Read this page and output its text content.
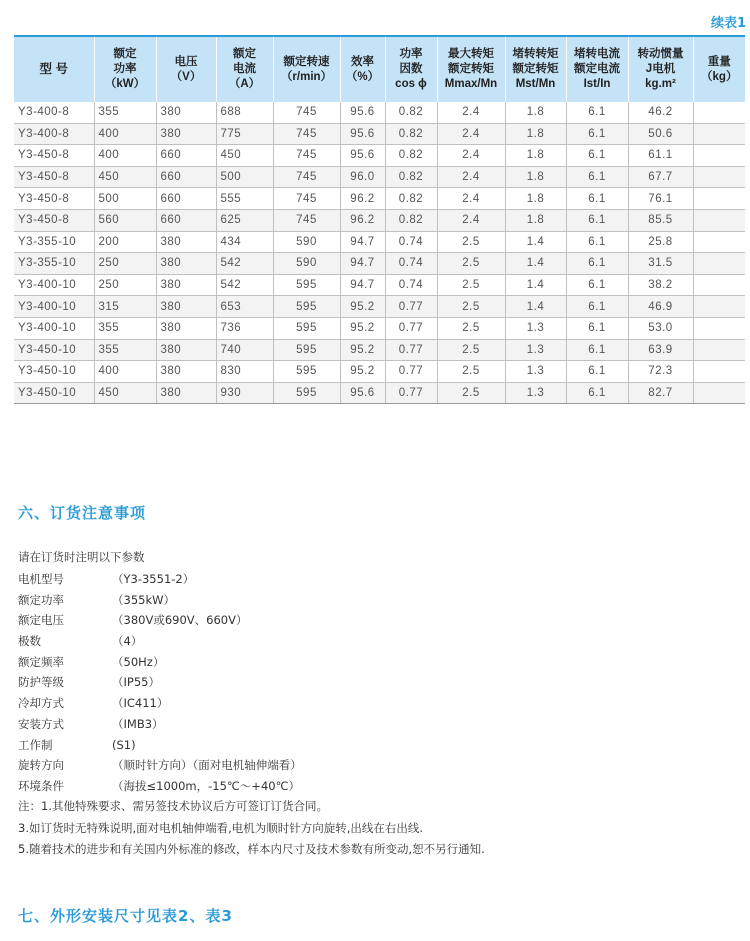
续表1
型 号	额定
功率
（kW）	电压
（V）	额定
电流
（A）	额定转速
（r/min）	效率
（%）	功率
因数
cos ϕ	最大转矩
额定转矩
Mmax/Mn	堵转转矩
额定转矩
Mst/Mn	堵转电流
额定电流
Ist/In	转动惯量
J电机
kg.m²	重量
（kg）

Y3-400-8	355	380	688	745	95.6	0.82	2.4	1.8	6.1	46.2	
Y3-400-8	400	380	775	745	95.6	0.82	2.4	1.8	6.1	50.6	
Y3-450-8	400	660	450	745	95.6	0.82	2.4	1.8	6.1	61.1	
Y3-450-8	450	660	500	745	96.0	0.82	2.4	1.8	6.1	67.7	
Y3-450-8	500	660	555	745	96.2	0.82	2.4	1.8	6.1	76.1	
Y3-450-8	560	660	625	745	96.2	0.82	2.4	1.8	6.1	85.5	
Y3-355-10	200	380	434	590	94.7	0.74	2.5	1.4	6.1	25.8	
Y3-355-10	250	380	542	590	94.7	0.74	2.5	1.4	6.1	31.5	
Y3-400-10	250	380	542	595	94.7	0.74	2.5	1.4	6.1	38.2	
Y3-400-10	315	380	653	595	95.2	0.77	2.5	1.4	6.1	46.9	
Y3-400-10	355	380	736	595	95.2	0.77	2.5	1.3	6.1	53.0	
Y3-450-10	355	380	740	595	95.2	0.77	2.5	1.3	6.1	63.9	
Y3-450-10	400	380	830	595	95.2	0.77	2.5	1.3	6.1	72.3	
Y3-450-10	450	380	930	595	95.6	0.77	2.5	1.3	6.1	82.7	
六、订货注意事项
请在订货时注明以下参数
电机型号	（Y3-3551-2）
额定功率	（355kW）
额定电压	（380V或690V、660V）
极数	（4）
额定频率	（50Hz）
防护等级	（IP55）
冷却方式	（IC411）
安装方式	（IMB3）
工作制	(S1)
旋转方向	（顺时针方向）（面对电机轴伸端看）
环境条件	（海拔≤1000m，-15℃～+40℃）
注：1.其他特殊要求、需另签技术协议后方可签订订货合同。
3.如订货时无特殊说明,面对电机轴伸端看,电机为顺时针方向旋转,出线在右出线.
5.随着技术的进步和有关国内外标准的修改，样本内尺寸及技术参数有所变动,恕不另行通知.
七、外形安装尺寸见表2、表3
